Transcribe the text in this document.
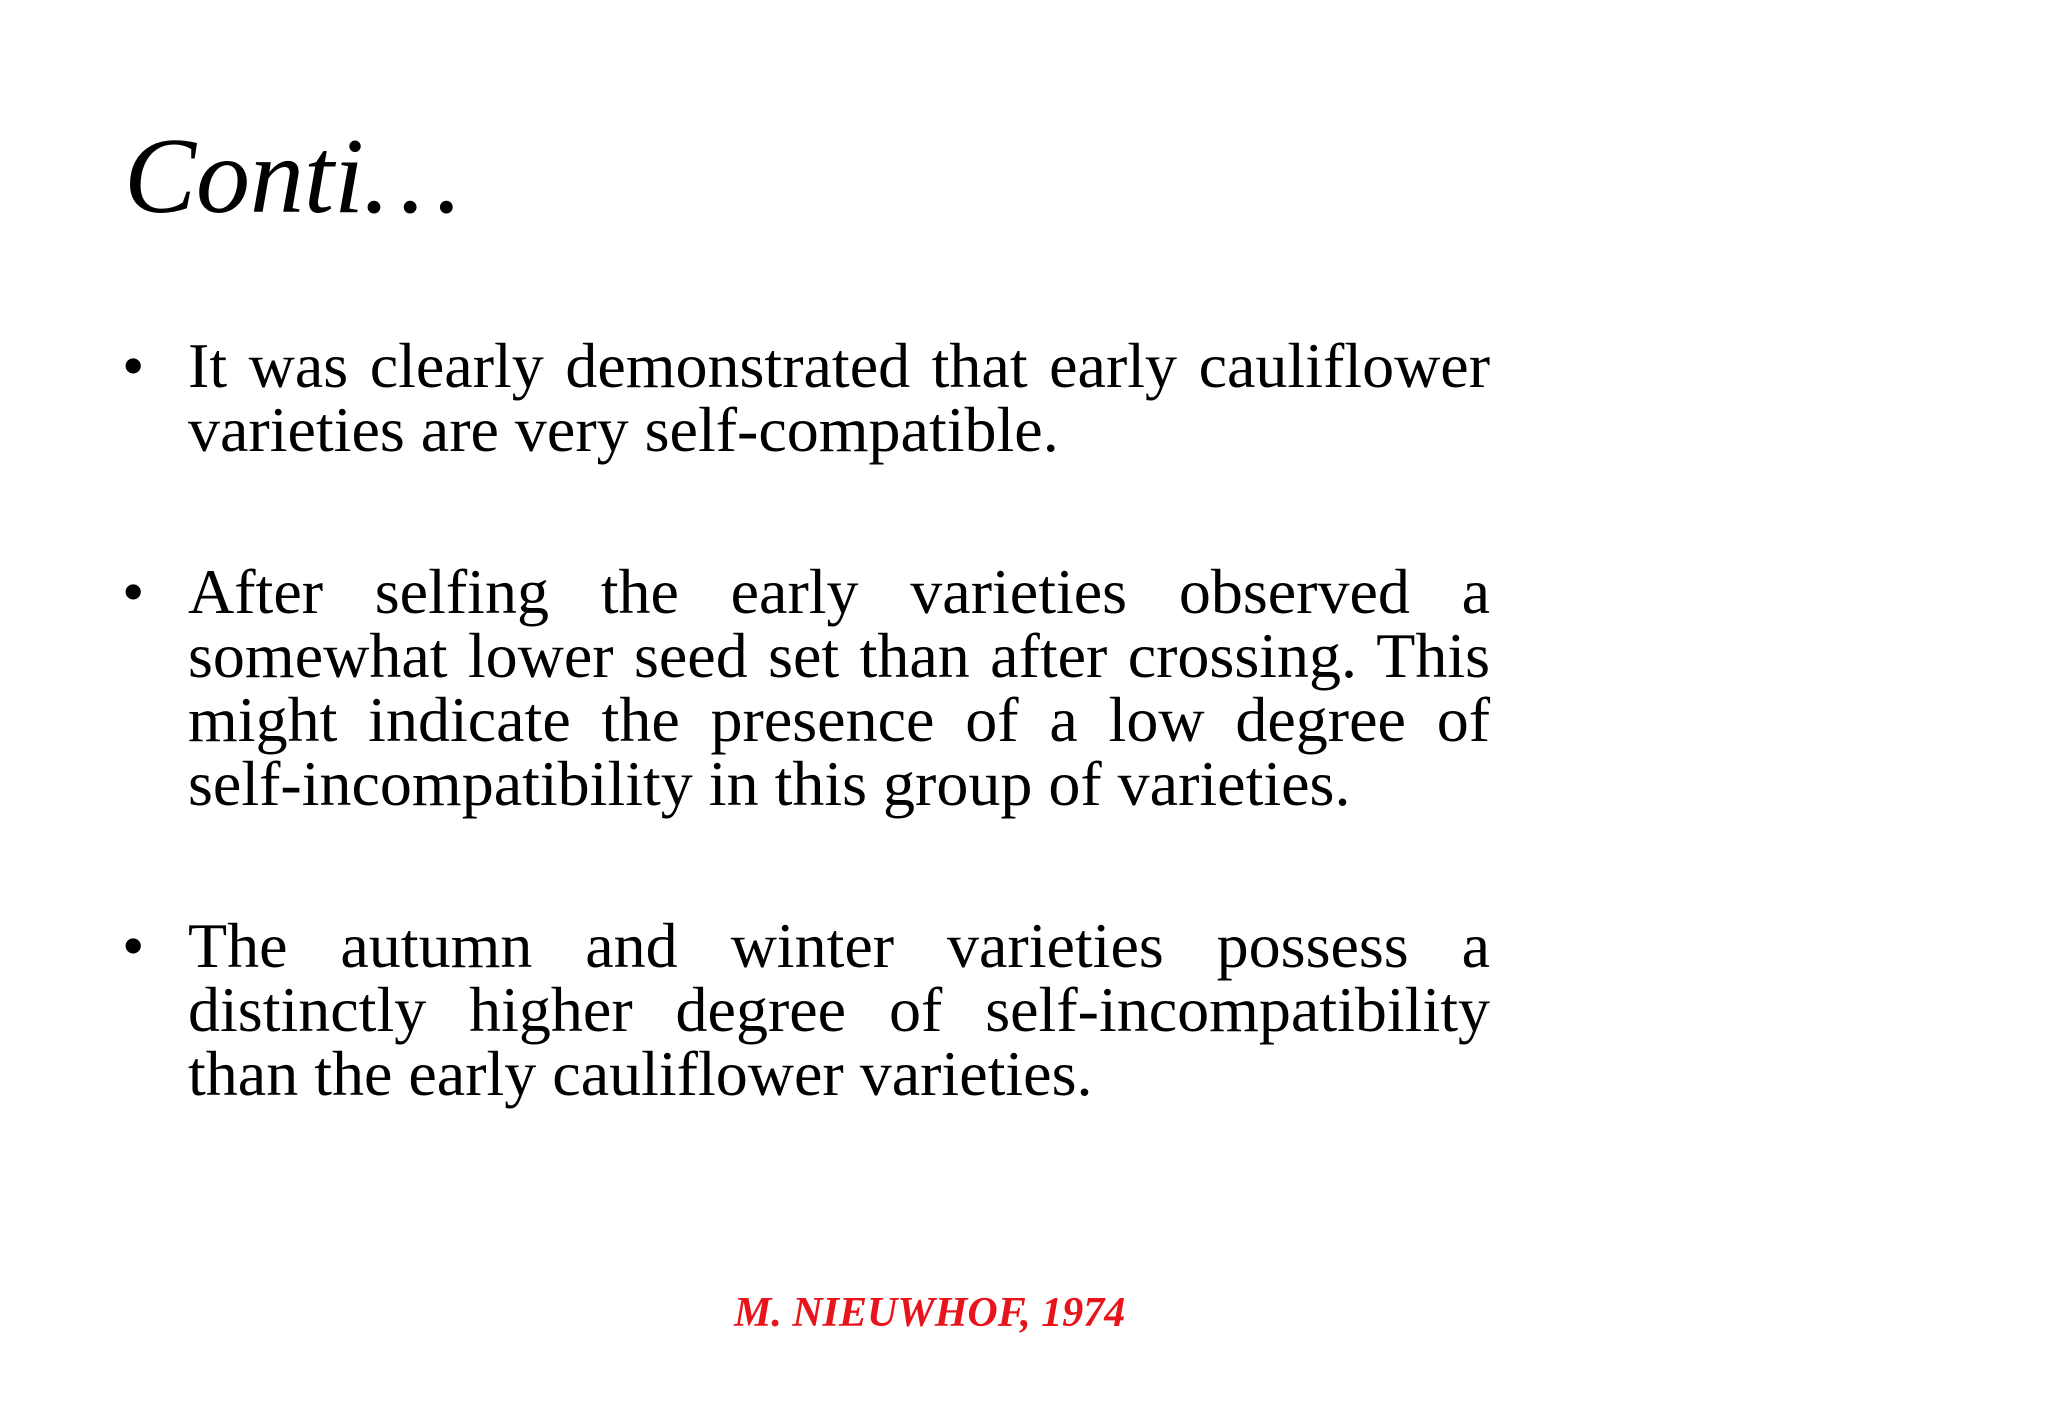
Conti…
• It was clearly demonstrated that early cauliflower varieties are very self-compatible.
• After selfing the early varieties observed a somewhat lower seed set than after crossing. This might indicate the presence of a low degree of self-incompatibility in this group of varieties.
• The autumn and winter varieties possess a distinctly higher degree of self-incompatibility than the early cauliflower varieties.

M. NIEUWHOF, 1974
